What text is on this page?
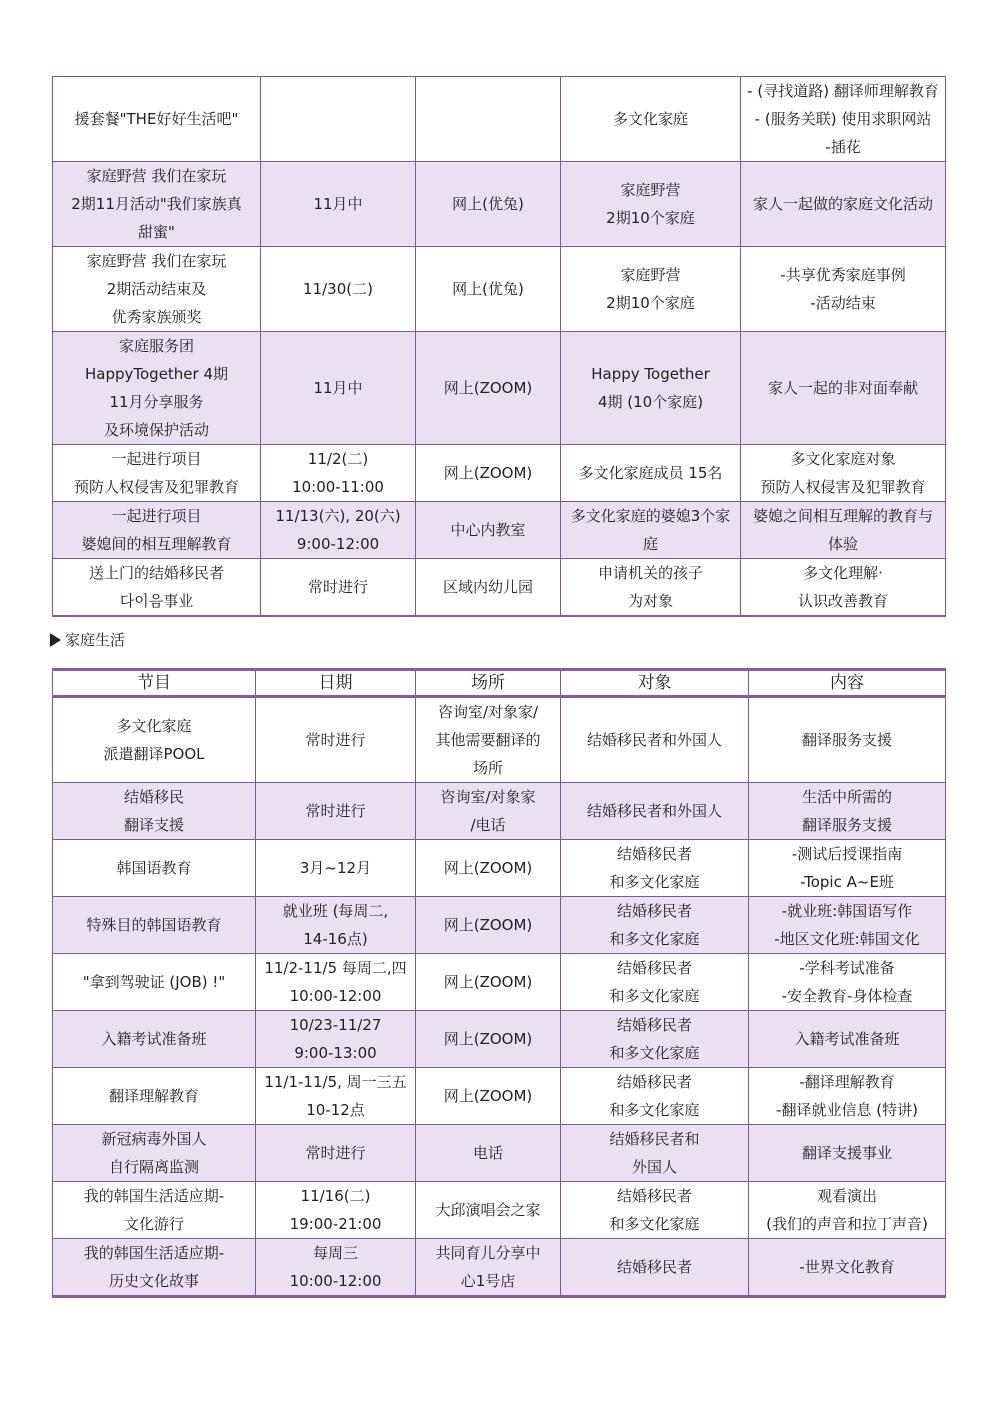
援套餐"THE好好生活吧"			多文化家庭	- (寻找道路) 翻译师理解教育
- (服务关联) 使用求职网站
-插花

家庭野营 我们在家玩
2期11月活动"我们家族真
甜蜜"	11月中	网上(优兔)	家庭野营
2期10个家庭	家人一起做的家庭文化活动

家庭野营 我们在家玩
2期活动结束及
优秀家族颁奖	11/30(二)	网上(优兔)	家庭野营
2期10个家庭	-共享优秀家庭事例
-活动结束

家庭服务团
HappyTogether 4期
11月分享服务
及环境保护活动	11月中	网上(ZOOM)	Happy Together
4期 (10个家庭)	家人一起的非对面奉献

一起进行项目
预防人权侵害及犯罪教育	11/2(二)
10:00-11:00	网上(ZOOM)	多文化家庭成员 15名	多文化家庭对象
预防人权侵害及犯罪教育

一起进行项目
婆媳间的相互理解教育	11/13(六), 20(六)
9:00-12:00	中心内教室	多文化家庭的婆媳3个家
庭	婆媳之间相互理解的教育与
体验

送上门的结婚移民者
다이음事业	常时进行	区域内幼儿园	申请机关的孩子
为对象	多文化理解·
认识改善教育
家庭生活
节目	日期	场所	对象	内容

多文化家庭
派遣翻译POOL	常时进行	咨询室/对象家/
其他需要翻译的
场所	结婚移民者和外国人	翻译服务支援

结婚移民
翻译支援	常时进行	咨询室/对象家
/电话	结婚移民者和外国人	生活中所需的
翻译服务支援

韩国语教育	3月~12月	网上(ZOOM)	结婚移民者
和多文化家庭	-测试后授课指南
-Topic A~E班

特殊目的韩国语教育	就业班 (每周二,
14-16点)	网上(ZOOM)	结婚移民者
和多文化家庭	-就业班:韩国语写作
-地区文化班:韩国文化

"拿到驾驶证 (JOB) !"	11/2-11/5 每周二,四
10:00-12:00	网上(ZOOM)	结婚移民者
和多文化家庭	-学科考试准备
-安全教育-身体检查

入籍考试准备班	10/23-11/27
9:00-13:00	网上(ZOOM)	结婚移民者
和多文化家庭	入籍考试准备班

翻译理解教育	11/1-11/5, 周一三五
10-12点	网上(ZOOM)	结婚移民者
和多文化家庭	-翻译理解教育
-翻译就业信息 (特讲)

新冠病毒外国人
自行隔离监测	常时进行	电话	结婚移民者和
外国人	翻译支援事业

我的韩国生活适应期-
文化游行	11/16(二)
19:00-21:00	大邱演唱会之家	结婚移民者
和多文化家庭	观看演出
(我们的声音和拉丁声音)

我的韩国生活适应期-
历史文化故事	每周三
10:00-12:00	共同育儿分享中
心1号店	结婚移民者	-世界文化教育
